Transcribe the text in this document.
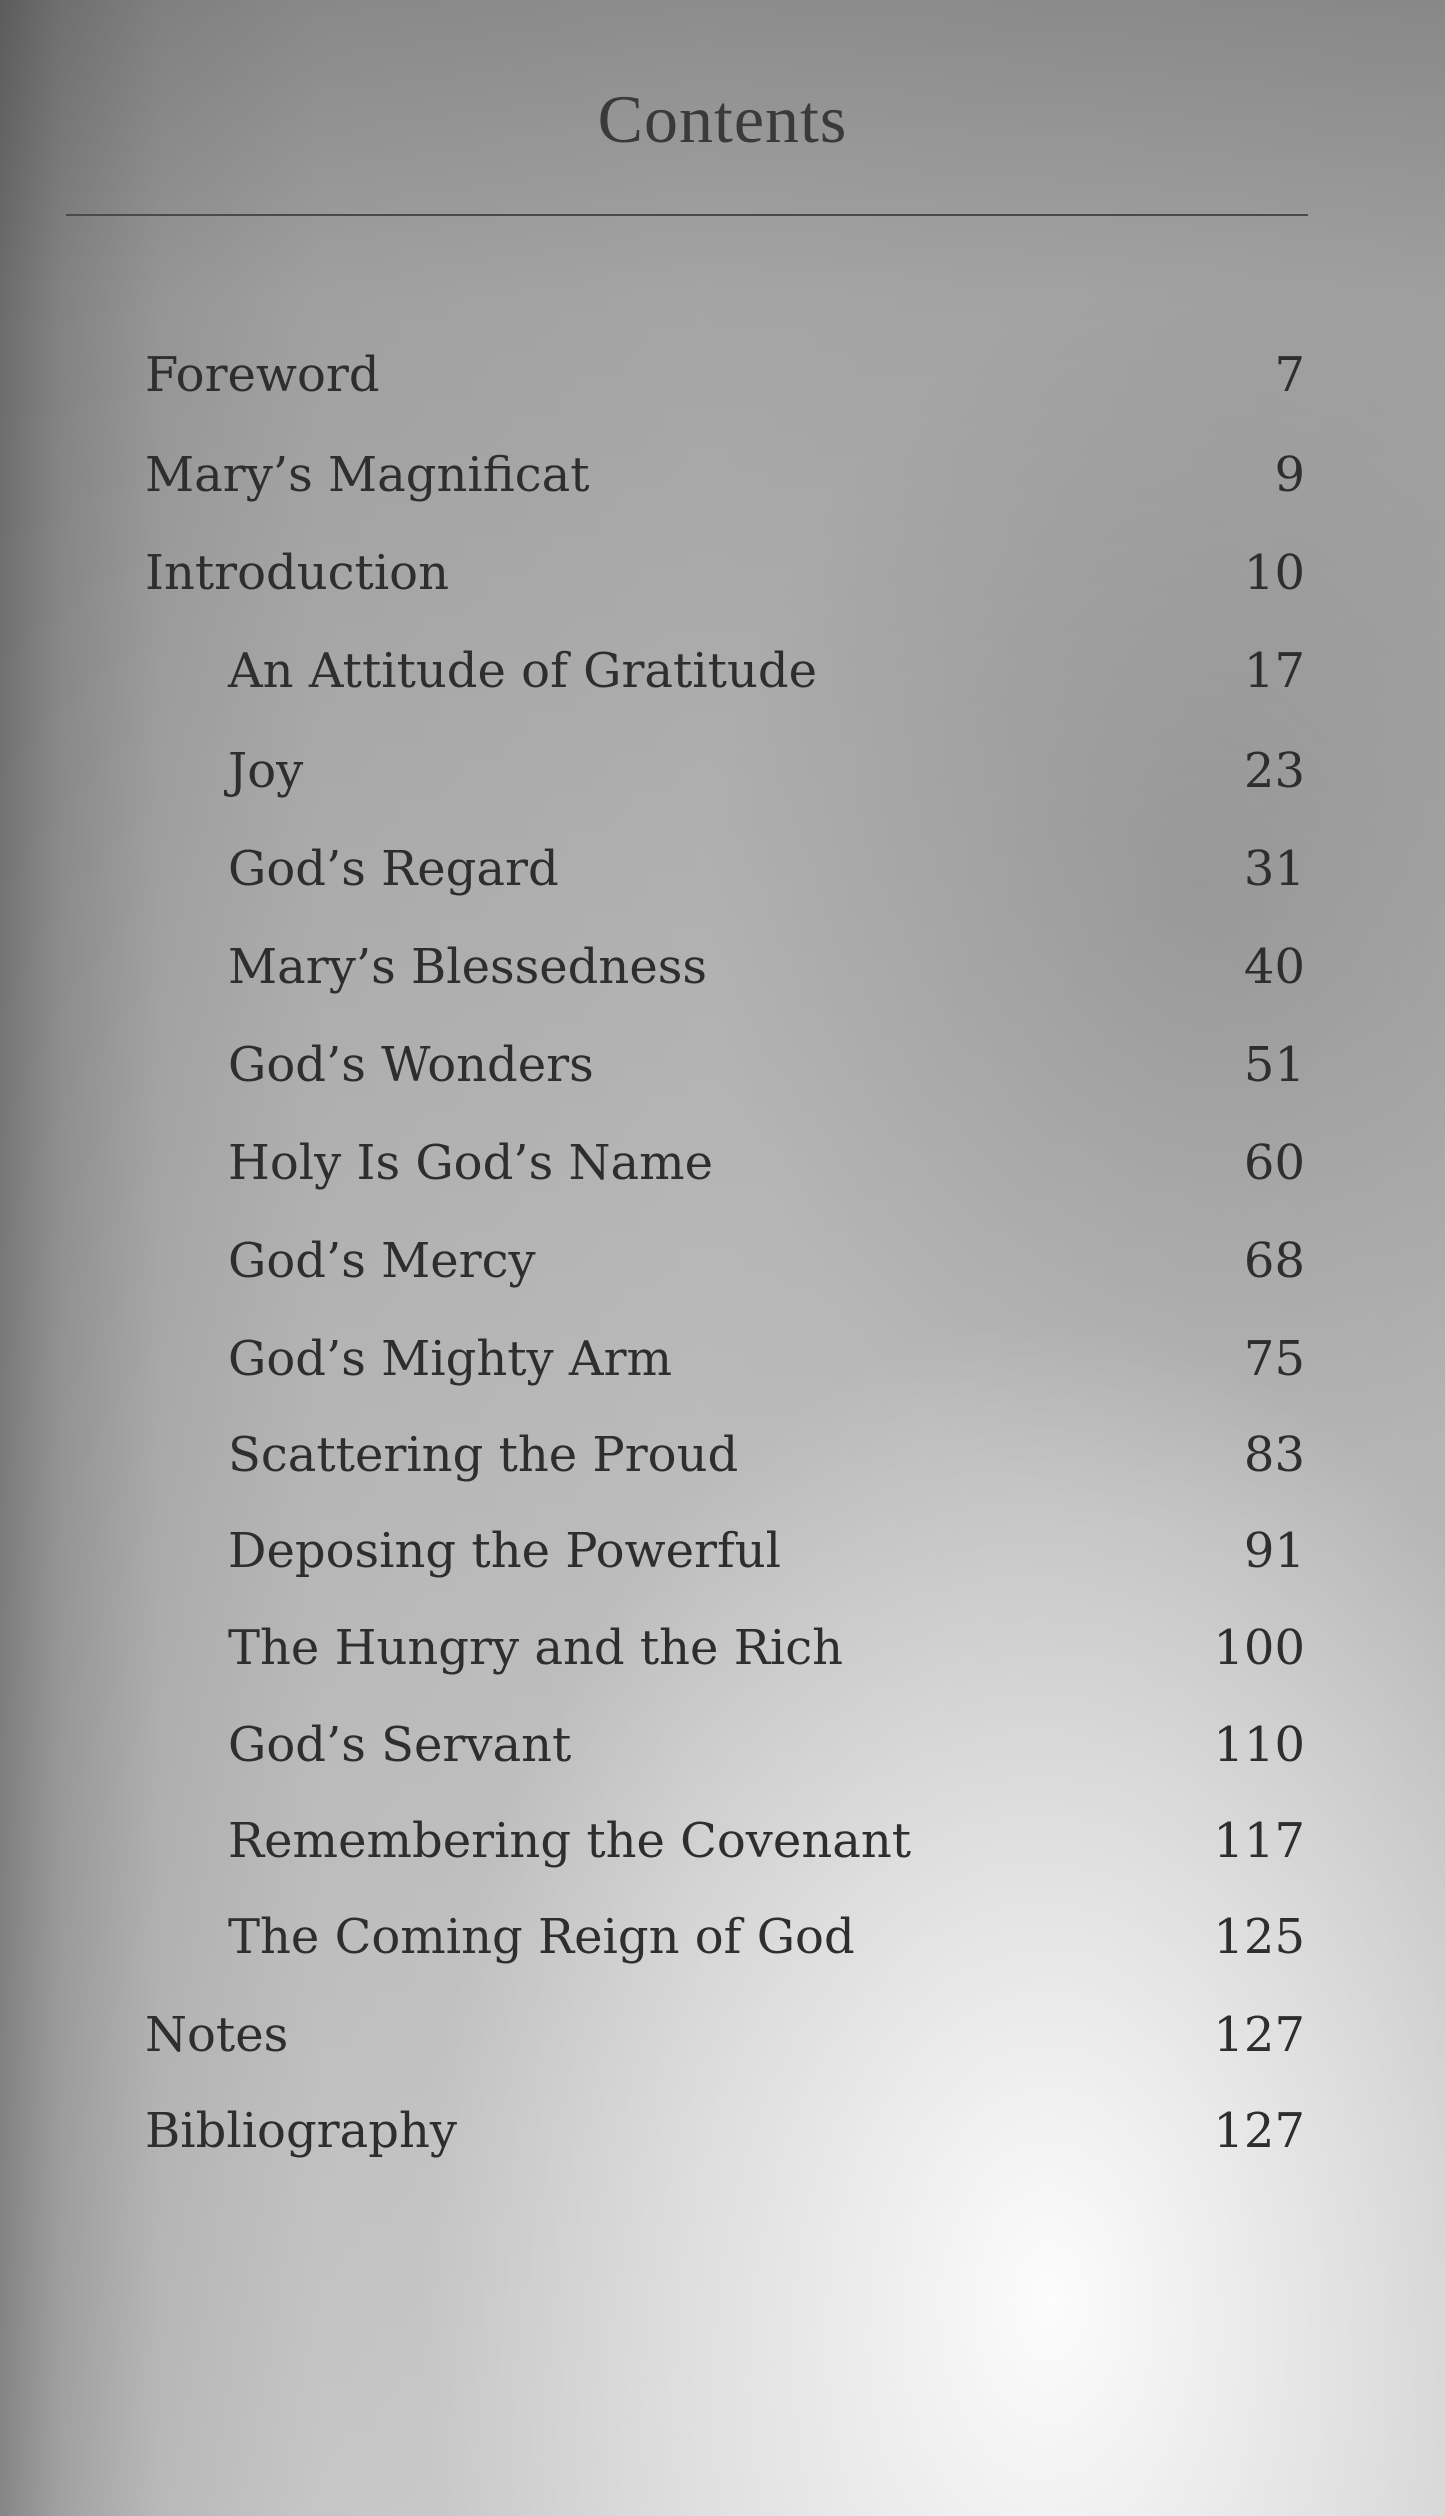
Contents
Foreword	7
Mary’s Magnificat	9
Introduction	10
An Attitude of Gratitude	17
Joy	23
God’s Regard	31
Mary’s Blessedness	40
God’s Wonders	51
Holy Is God’s Name	60
God’s Mercy	68
God’s Mighty Arm	75
Scattering the Proud	83
Deposing the Powerful	91
The Hungry and the Rich	100
God’s Servant	110
Remembering the Covenant	117
The Coming Reign of God	125
Notes	127
Bibliography	127
